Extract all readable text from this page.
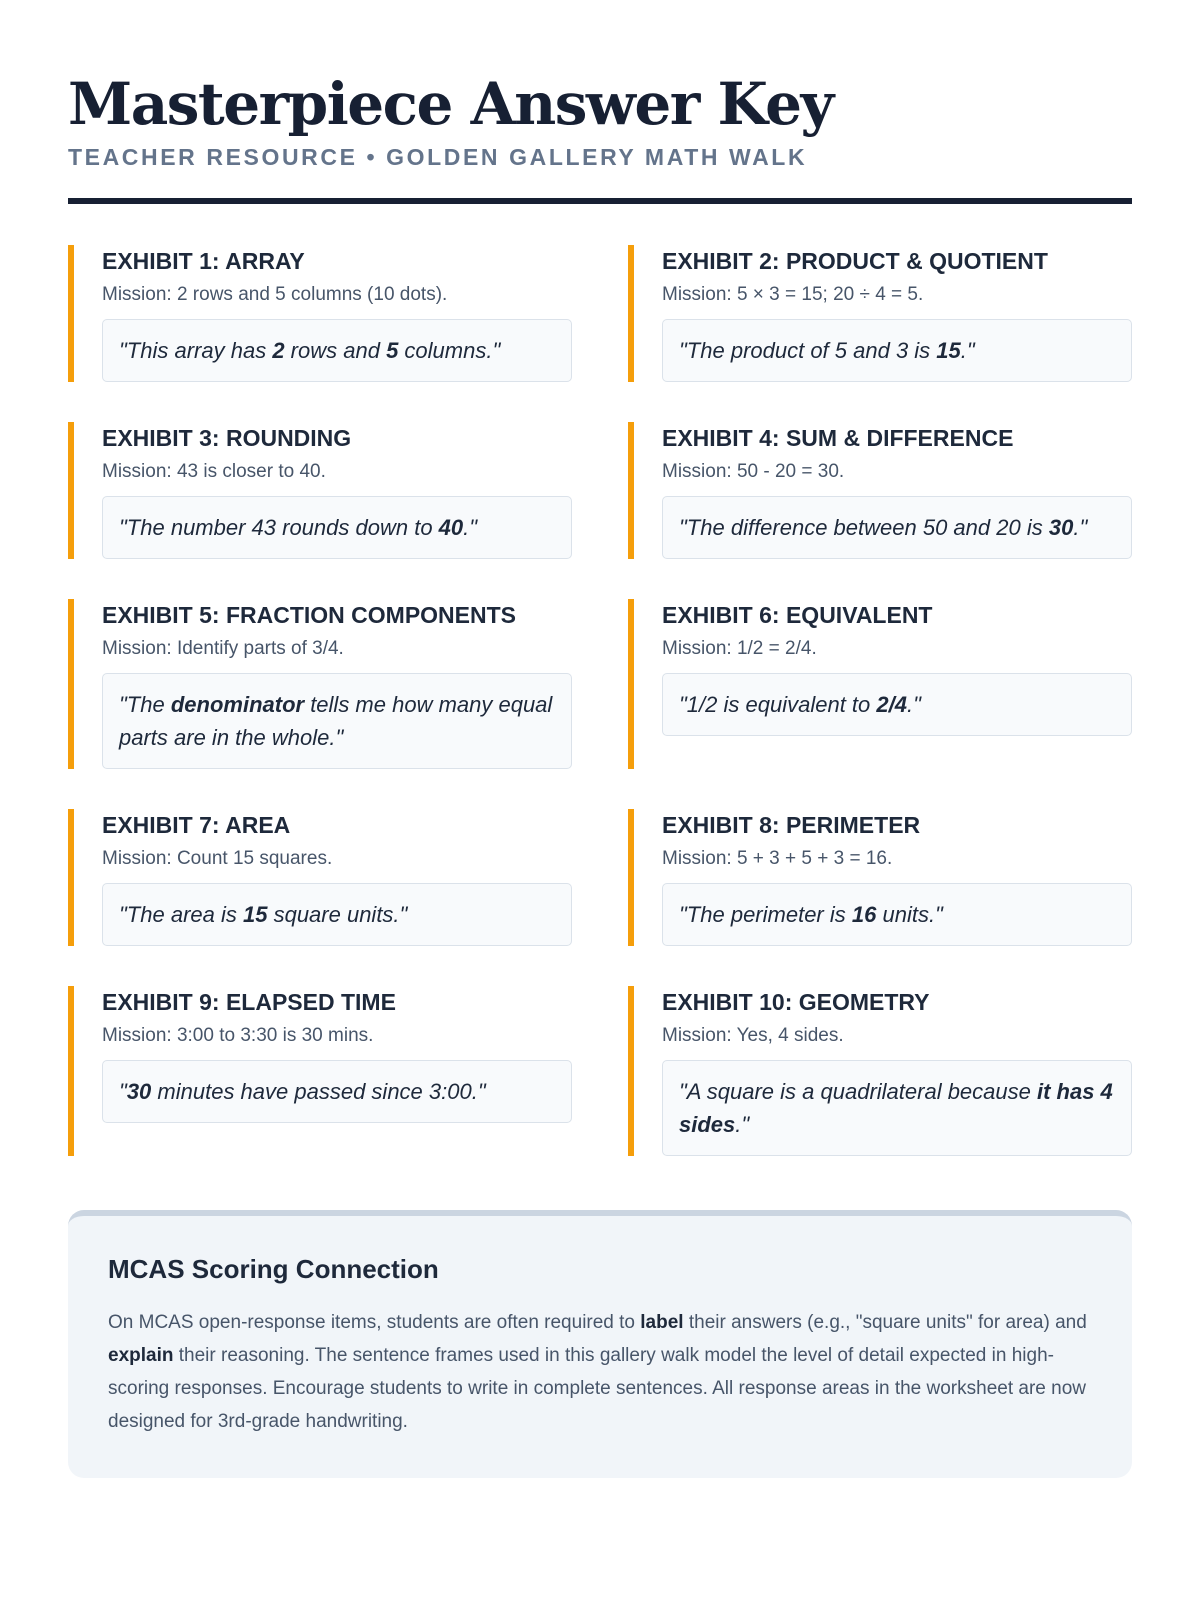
Masterpiece Answer Key
TEACHER RESOURCE • GOLDEN GALLERY MATH WALK
EXHIBIT 1: ARRAY
Mission: 2 rows and 5 columns (10 dots).
"This array has 2 rows and 5 columns."
EXHIBIT 2: PRODUCT & QUOTIENT
Mission: 5 × 3 = 15; 20 ÷ 4 = 5.
"The product of 5 and 3 is 15."
EXHIBIT 3: ROUNDING
Mission: 43 is closer to 40.
"The number 43 rounds down to 40."
EXHIBIT 4: SUM & DIFFERENCE
Mission: 50 - 20 = 30.
"The difference between 50 and 20 is 30."
EXHIBIT 5: FRACTION COMPONENTS
Mission: Identify parts of 3/4.
"The denominator tells me how many equal parts are in the whole."
EXHIBIT 6: EQUIVALENT
Mission: 1/2 = 2/4.
"1/2 is equivalent to 2/4."
EXHIBIT 7: AREA
Mission: Count 15 squares.
"The area is 15 square units."
EXHIBIT 8: PERIMETER
Mission: 5 + 3 + 5 + 3 = 16.
"The perimeter is 16 units."
EXHIBIT 9: ELAPSED TIME
Mission: 3:00 to 3:30 is 30 mins.
"30 minutes have passed since 3:00."
EXHIBIT 10: GEOMETRY
Mission: Yes, 4 sides.
"A square is a quadrilateral because it has 4 sides."
MCAS Scoring Connection
On MCAS open-response items, students are often required to label their answers (e.g., "square units" for area) and explain their reasoning. The sentence frames used in this gallery walk model the level of detail expected in high-scoring responses. Encourage students to write in complete sentences. All response areas in the worksheet are now designed for 3rd-grade handwriting.
